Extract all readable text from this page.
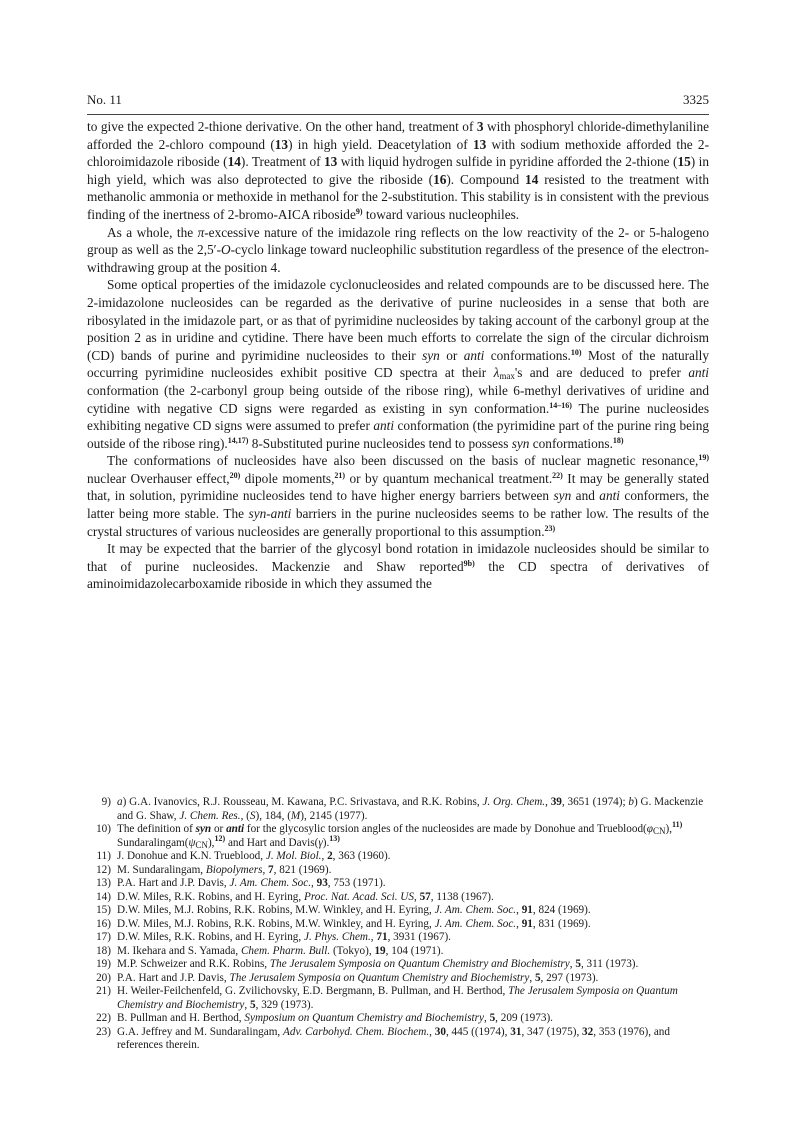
No. 11	3325

to give the expected 2-thione derivative. On the other hand, treatment of 3 with phosphoryl chloride-dimethylaniline afforded the 2-chloro compound (13) in high yield. Deacetylation of 13 with sodium methoxide afforded the 2-chloroimidazole riboside (14). Treatment of 13 with liquid hydrogen sulfide in pyridine afforded the 2-thione (15) in high yield, which was also deprotected to give the riboside (16). Compound 14 resisted to the treatment with methanolic ammonia or methoxide in methanol for the 2-substitution. This stability is in consistent with the previous finding of the inertness of 2-bromo-AICA riboside$^{9)}$ toward various nucleophiles.

As a whole, the π-excessive nature of the imidazole ring reflects on the low reactivity of the 2- or 5-halogeno group as well as the 2,5′-O-cyclo linkage toward nucleophilic substitution regardless of the presence of the electron-withdrawing group at the position 4.

Some optical properties of the imidazole cyclonucleosides and related compounds are to be discussed here. The 2-imidazolone nucleosides can be regarded as the derivative of purine nucleosides in a sense that both are ribosylated in the imidazole part, or as that of pyrimidine nucleosides by taking account of the carbonyl group at the position 2 as in uridine and cytidine. There have been much efforts to correlate the sign of the circular dichroism (CD) bands of purine and pyrimidine nucleosides to their syn or anti conformations.$^{10)}$ Most of the naturally occurring pyrimidine nucleosides exhibit positive CD spectra at their $\lambda_{max}'s$ and are deduced to prefer anti conformation (the 2-carbonyl group being outside of the ribose ring), while 6-methyl derivatives of uridine and cytidine with negative CD signs were regarded as existing in syn conformation.$^{14-16)}$ The purine nucleosides exhibiting negative CD signs were assumed to prefer anti conformation (the pyrimidine part of the purine ring being outside of the ribose ring).$^{14,17)}$ 8-Substituted purine nucleosides tend to possess syn conformations.$^{18)}$

The conformations of nucleosides have also been discussed on the basis of nuclear magnetic resonance,$^{19)}$ nuclear Overhauser effect,$^{20)}$ dipole moments,$^{21)}$ or by quantum mechanical treatment.$^{22)}$ It may be generally stated that, in solution, pyrimidine nucleosides tend to have higher energy barriers between syn and anti conformers, the latter being more stable. The syn-anti barriers in the purine nucleosides seems to be rather low. The results of the crystal structures of various nucleosides are generally proportional to this assumption.$^{23)}$

It may be expected that the barrier of the glycosyl bond rotation in imidazole nucleosides should be similar to that of purine nucleosides. Mackenzie and Shaw reported$^{9b)}$ the CD spectra of derivatives of aminoimidazolecarboxamide riboside in which they assumed the

9) a) G.A. Ivanovics, R.J. Rousseau, M. Kawana, P.C. Srivastava, and R.K. Robins, J. Org. Chem., 39, 3651 (1974); b) G. Mackenzie and G. Shaw, J. Chem. Res., (S), 184, (M), 2145 (1977).
10) The definition of syn or anti for the glycosylic torsion angles of the nucleosides are made by Donohue and $Trueblood(\varphi_{CN}),^{11)}$ $Sundaralingam(\psi_{CN}),^{12)}$ and Hart and Davis(γ).$^{13)}$
11) J. Donohue and K.N. Trueblood, J. Mol. Biol., 2, 363 (1960).
12) M. Sundaralingam, Biopolymers, 7, 821 (1969).
13) P.A. Hart and J.P. Davis, J. Am. Chem. Soc., 93, 753 (1971).
14) D.W. Miles, R.K. Robins, and H. Eyring, Proc. Nat. Acad. Sci. US, 57, 1138 (1967).
15) D.W. Miles, M.J. Robins, R.K. Robins, M.W. Winkley, and H. Eyring, J. Am. Chem. Soc., 91, 824 (1969).
16) D.W. Miles, M.J. Robins, R.K. Robins, M.W. Winkley, and H. Eyring, J. Am. Chem. Soc., 91, 831 (1969).
17) D.W. Miles, R.K. Robins, and H. Eyring, J. Phys. Chem., 71, 3931 (1967).
18) M. Ikehara and S. Yamada, Chem. Pharm. Bull. (Tokyo), 19, 104 (1971).
19) M.P. Schweizer and R.K. Robins, The Jerusalem Symposia on Quantum Chemistry and Biochemistry, 5, 311 (1973).
20) P.A. Hart and J.P. Davis, The Jerusalem Symposia on Quantum Chemistry and Biochemistry, 5, 297 (1973).
21) H. Weiler-Feilchenfeld, G. Zvilichovsky, E.D. Bergmann, B. Pullman, and H. Berthod, The Jerusalem Symposia on Quantum Chemistry and Biochemistry, 5, 329 (1973).
22) B. Pullman and H. Berthod, Symposium on Quantum Chemistry and Biochemistry, 5, 209 (1973).
23) G.A. Jeffrey and M. Sundaralingam, Adv. Carbohyd. Chem. Biochem., 30, 445 ((1974), 31, 347 (1975), 32, 353 (1976), and references therein.
